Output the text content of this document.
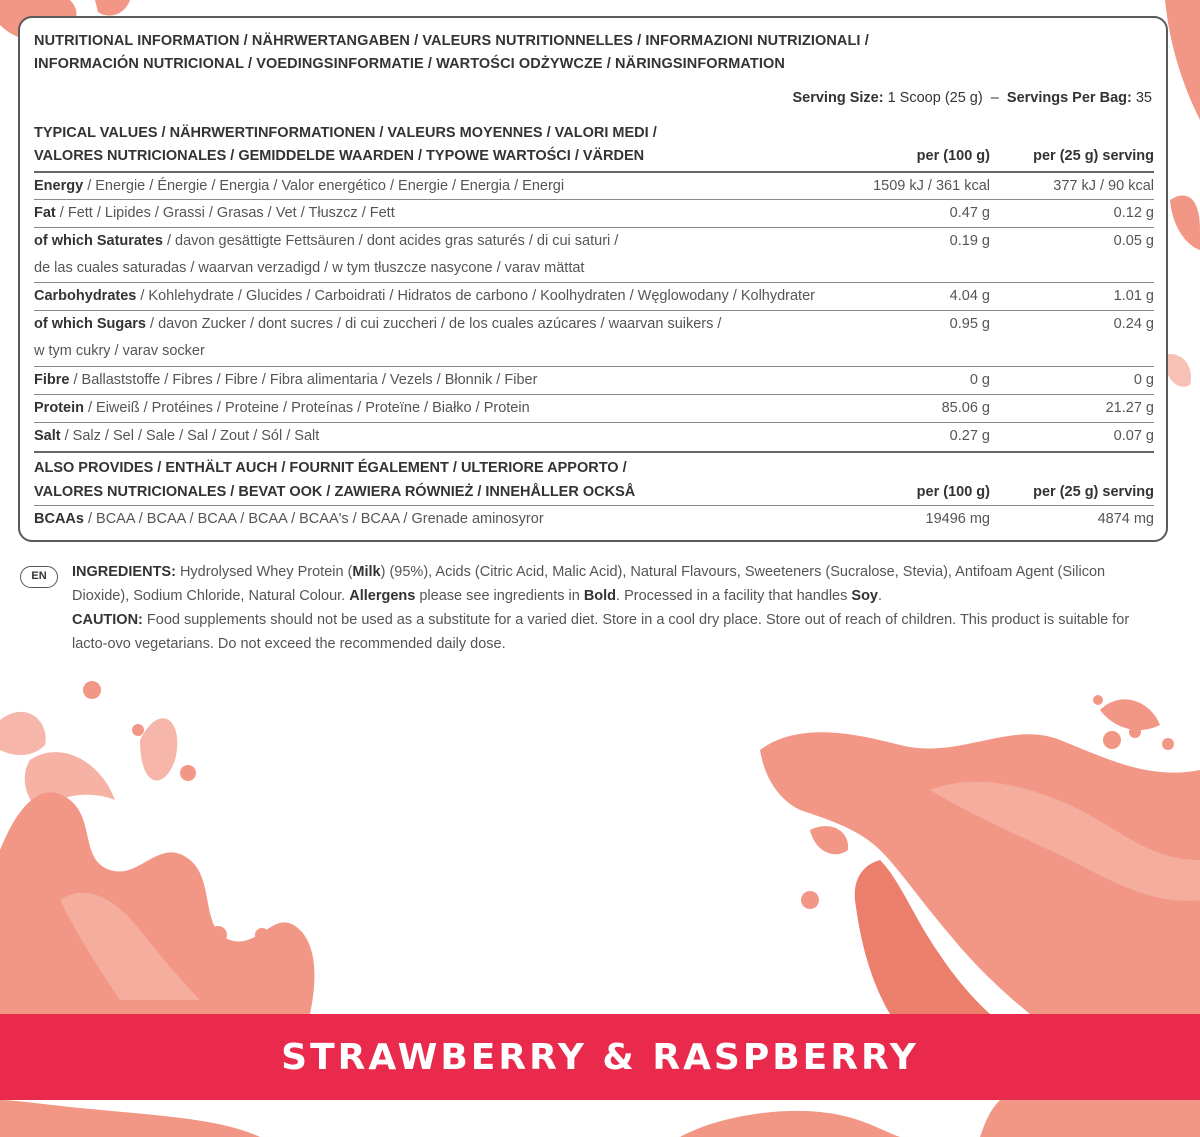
NUTRITIONAL INFORMATION / NÄHRWERTANGABEN / VALEURS NUTRITIONNELLES / INFORMAZIONI NUTRIZIONALI /
INFORMACIÓN NUTRICIONAL / VOEDINGSINFORMATIE / WARTOŚCI ODŻYWCZE / NÄRINGSINFORMATION
Serving Size: 1 Scoop (25 g) – Servings Per Bag: 35
TYPICAL VALUES / NÄHRWERTINFORMATIONEN / VALEURS MOYENNES / VALORI MEDI /
VALORES NUTRICIONALES / GEMIDDELDE WAARDEN / TYPOWE WARTOŚCI / VÄRDEN	per (100 g)	per (25 g) serving
Energy / Energie / Énergie / Energia / Valor energético / Energie / Energia / Energi	1509 kJ / 361 kcal	377 kJ / 90 kcal
Fat / Fett / Lipides / Grassi / Grasas / Vet / Tłuszcz / Fett	0.47 g	0.12 g
of which Saturates / davon gesättigte Fettsäuren / dont acides gras saturés / di cui saturi /
de las cuales saturadas / waarvan verzadigd / w tym tłuszcze nasycone / varav mättat
0.19 g	0.05 g
Carbohydrates / Kohlehydrate / Glucides / Carboidrati / Hidratos de carbono / Koolhydraten / Węglowodany / Kolhydrater	4.04 g	1.01 g
of which Sugars / davon Zucker / dont sucres / di cui zuccheri / de los cuales azúcares / waarvan suikers /
w tym cukry / varav socker
0.95 g	0.24 g
Fibre / Ballaststoffe / Fibres / Fibre / Fibra alimentaria / Vezels / Błonnik / Fiber	0 g	0 g
Protein / Eiweiß / Protéines / Proteine / Proteínas / Proteïne / Białko / Protein	85.06 g	21.27 g
Salt / Salz / Sel / Sale / Sal / Zout / Sól / Salt	0.27 g	0.07 g
ALSO PROVIDES / ENTHÄLT AUCH / FOURNIT ÉGALEMENT / ULTERIORE APPORTO /
VALORES NUTRICIONALES / BEVAT OOK / ZAWIERA RÓWNIEŻ / INNEHÅLLER OCKSÅ	per (100 g)	per (25 g) serving
BCAAs / BCAA / BCAA / BCAA / BCAA / BCAA's / BCAA / Grenade aminosyror	19496 mg	4874 mg
EN	INGREDIENTS: Hydrolysed Whey Protein (Milk) (95%), Acids (Citric Acid, Malic Acid), Natural Flavours, Sweeteners (Sucralose, Stevia), Antifoam Agent (Silicon Dioxide), Sodium Chloride, Natural Colour. Allergens please see ingredients in Bold. Processed in a facility that handles Soy.
CAUTION: Food supplements should not be used as a substitute for a varied diet. Store in a cool dry place. Store out of reach of children. This product is suitable for lacto-ovo vegetarians. Do not exceed the recommended daily dose.
STRAWBERRY & RASPBERRY
